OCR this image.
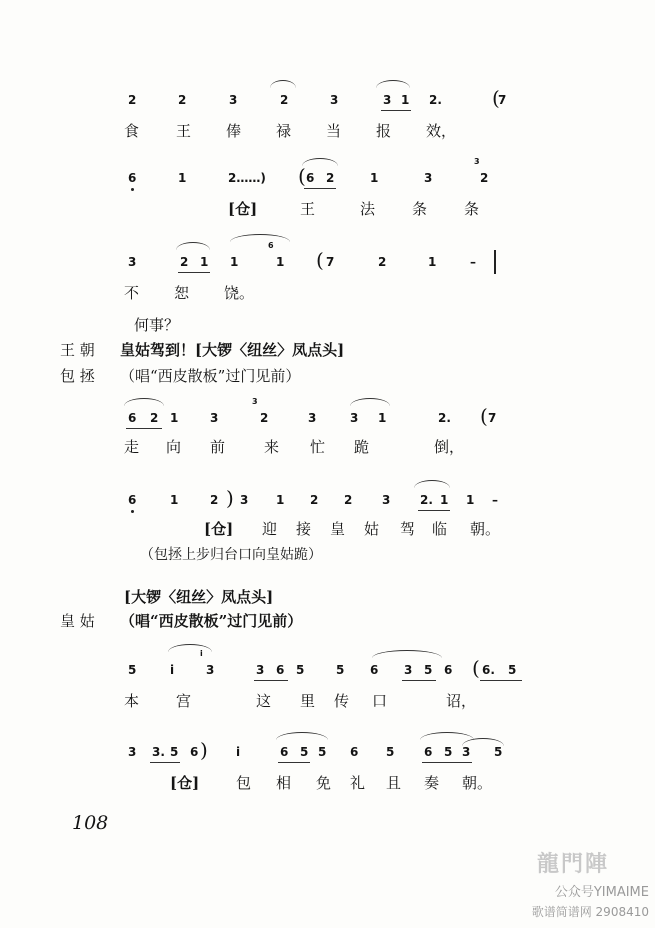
2	2	3	2	3	3 1 2.	(
7
食 王 俸 禄 当 报 效，
6	1	2……)	6 2	1	3
3
2
(
[仓]	王	法 条 条
3	2 1 1
6
1 ( 7	2	1	–
不 恕 饶。
何事？
王 朝 皇姑驾到！[大锣〈纽丝〉凤点头]
包 拯 （唱“西皮散板”过门见前）
6 2 1	3
3
2	3	3 1	2. ( 7
走 向 前	来 忙 跪	倒，
6	1	2 ) 3 1 2 2 3 2. 1 1 –
[仓] 迎 接 皇 姑 驾 临 朝。
（包拯上步归台口向皇姑跪）
[大锣〈纽丝〉凤点头]
皇 姑 （唱“西皮散板”过门见前）
5	i
i
3	3 6 5	5 6 3 5 6 ( 6. 5
本 宫	这 里 传 口	诏，
3 3. 5 6 ) i	6 5 5 6 5 6 5 3 5
[仓] 包 相 免 礼 且 奏 朝。
108
龍門陣
公众号YIMAIME
歌谱简谱网 2908410
